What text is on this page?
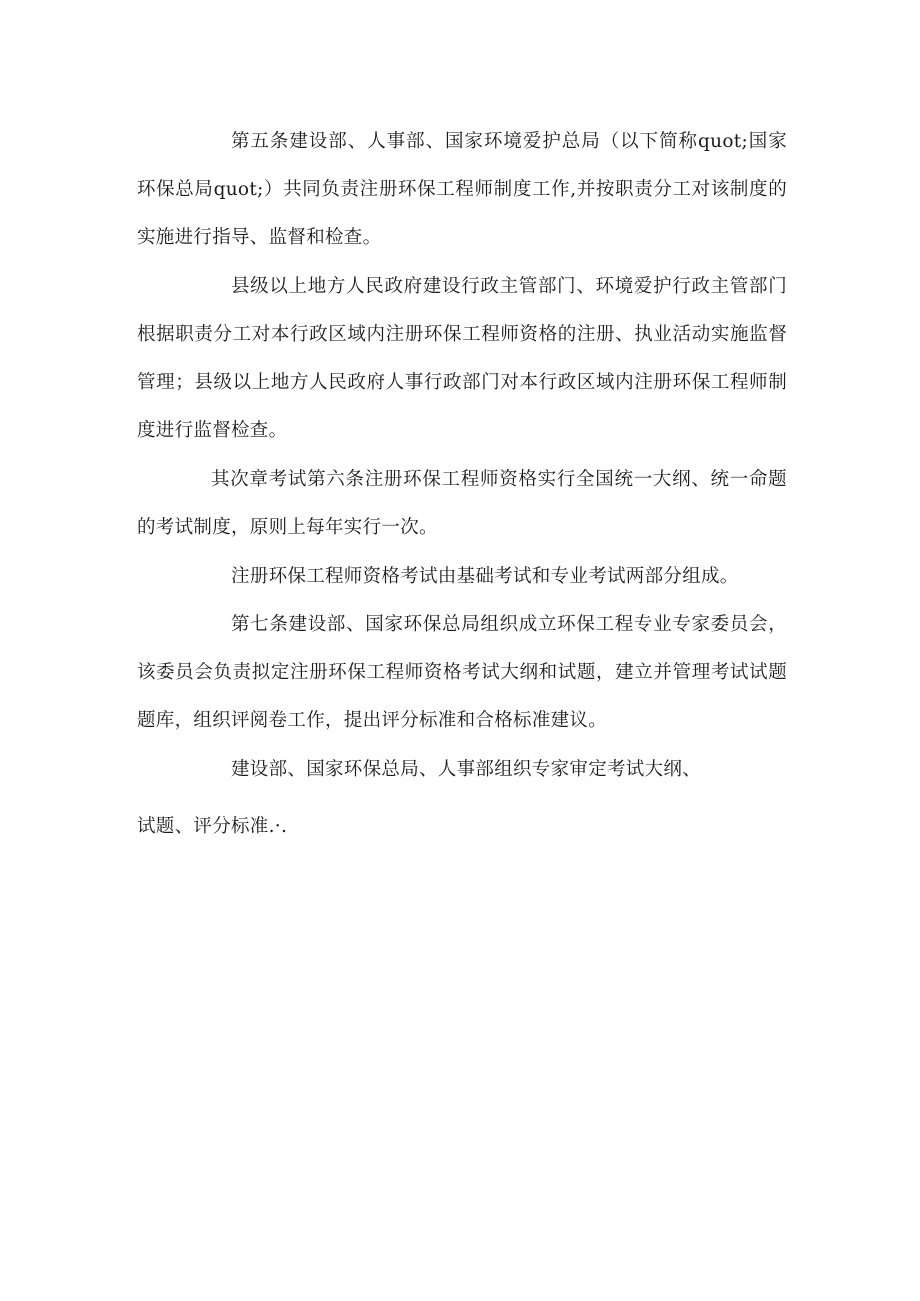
第五条建设部、人事部、国家环境爱护总局（以下简称quot;国家环保总局quot;）共同负责注册环保工程师制度工作,并按职责分工对该制度的实施进行指导、监督和检查。

县级以上地方人民政府建设行政主管部门、环境爱护行政主管部门根据职责分工对本行政区域内注册环保工程师资格的注册、执业活动实施监督管理；县级以上地方人民政府人事行政部门对本行政区域内注册环保工程师制度进行监督检查。

其次章考试第六条注册环保工程师资格实行全国统一大纲、统一命题的考试制度，原则上每年实行一次。

注册环保工程师资格考试由基础考试和专业考试两部分组成。

第七条建设部、国家环保总局组织成立环保工程专业专家委员会，该委员会负责拟定注册环保工程师资格考试大纲和试题，建立并管理考试试题题库，组织评阅卷工作，提出评分标准和合格标准建议。

建设部、国家环保总局、人事部组织专家审定考试大纲、

试题、评分标准.·.
